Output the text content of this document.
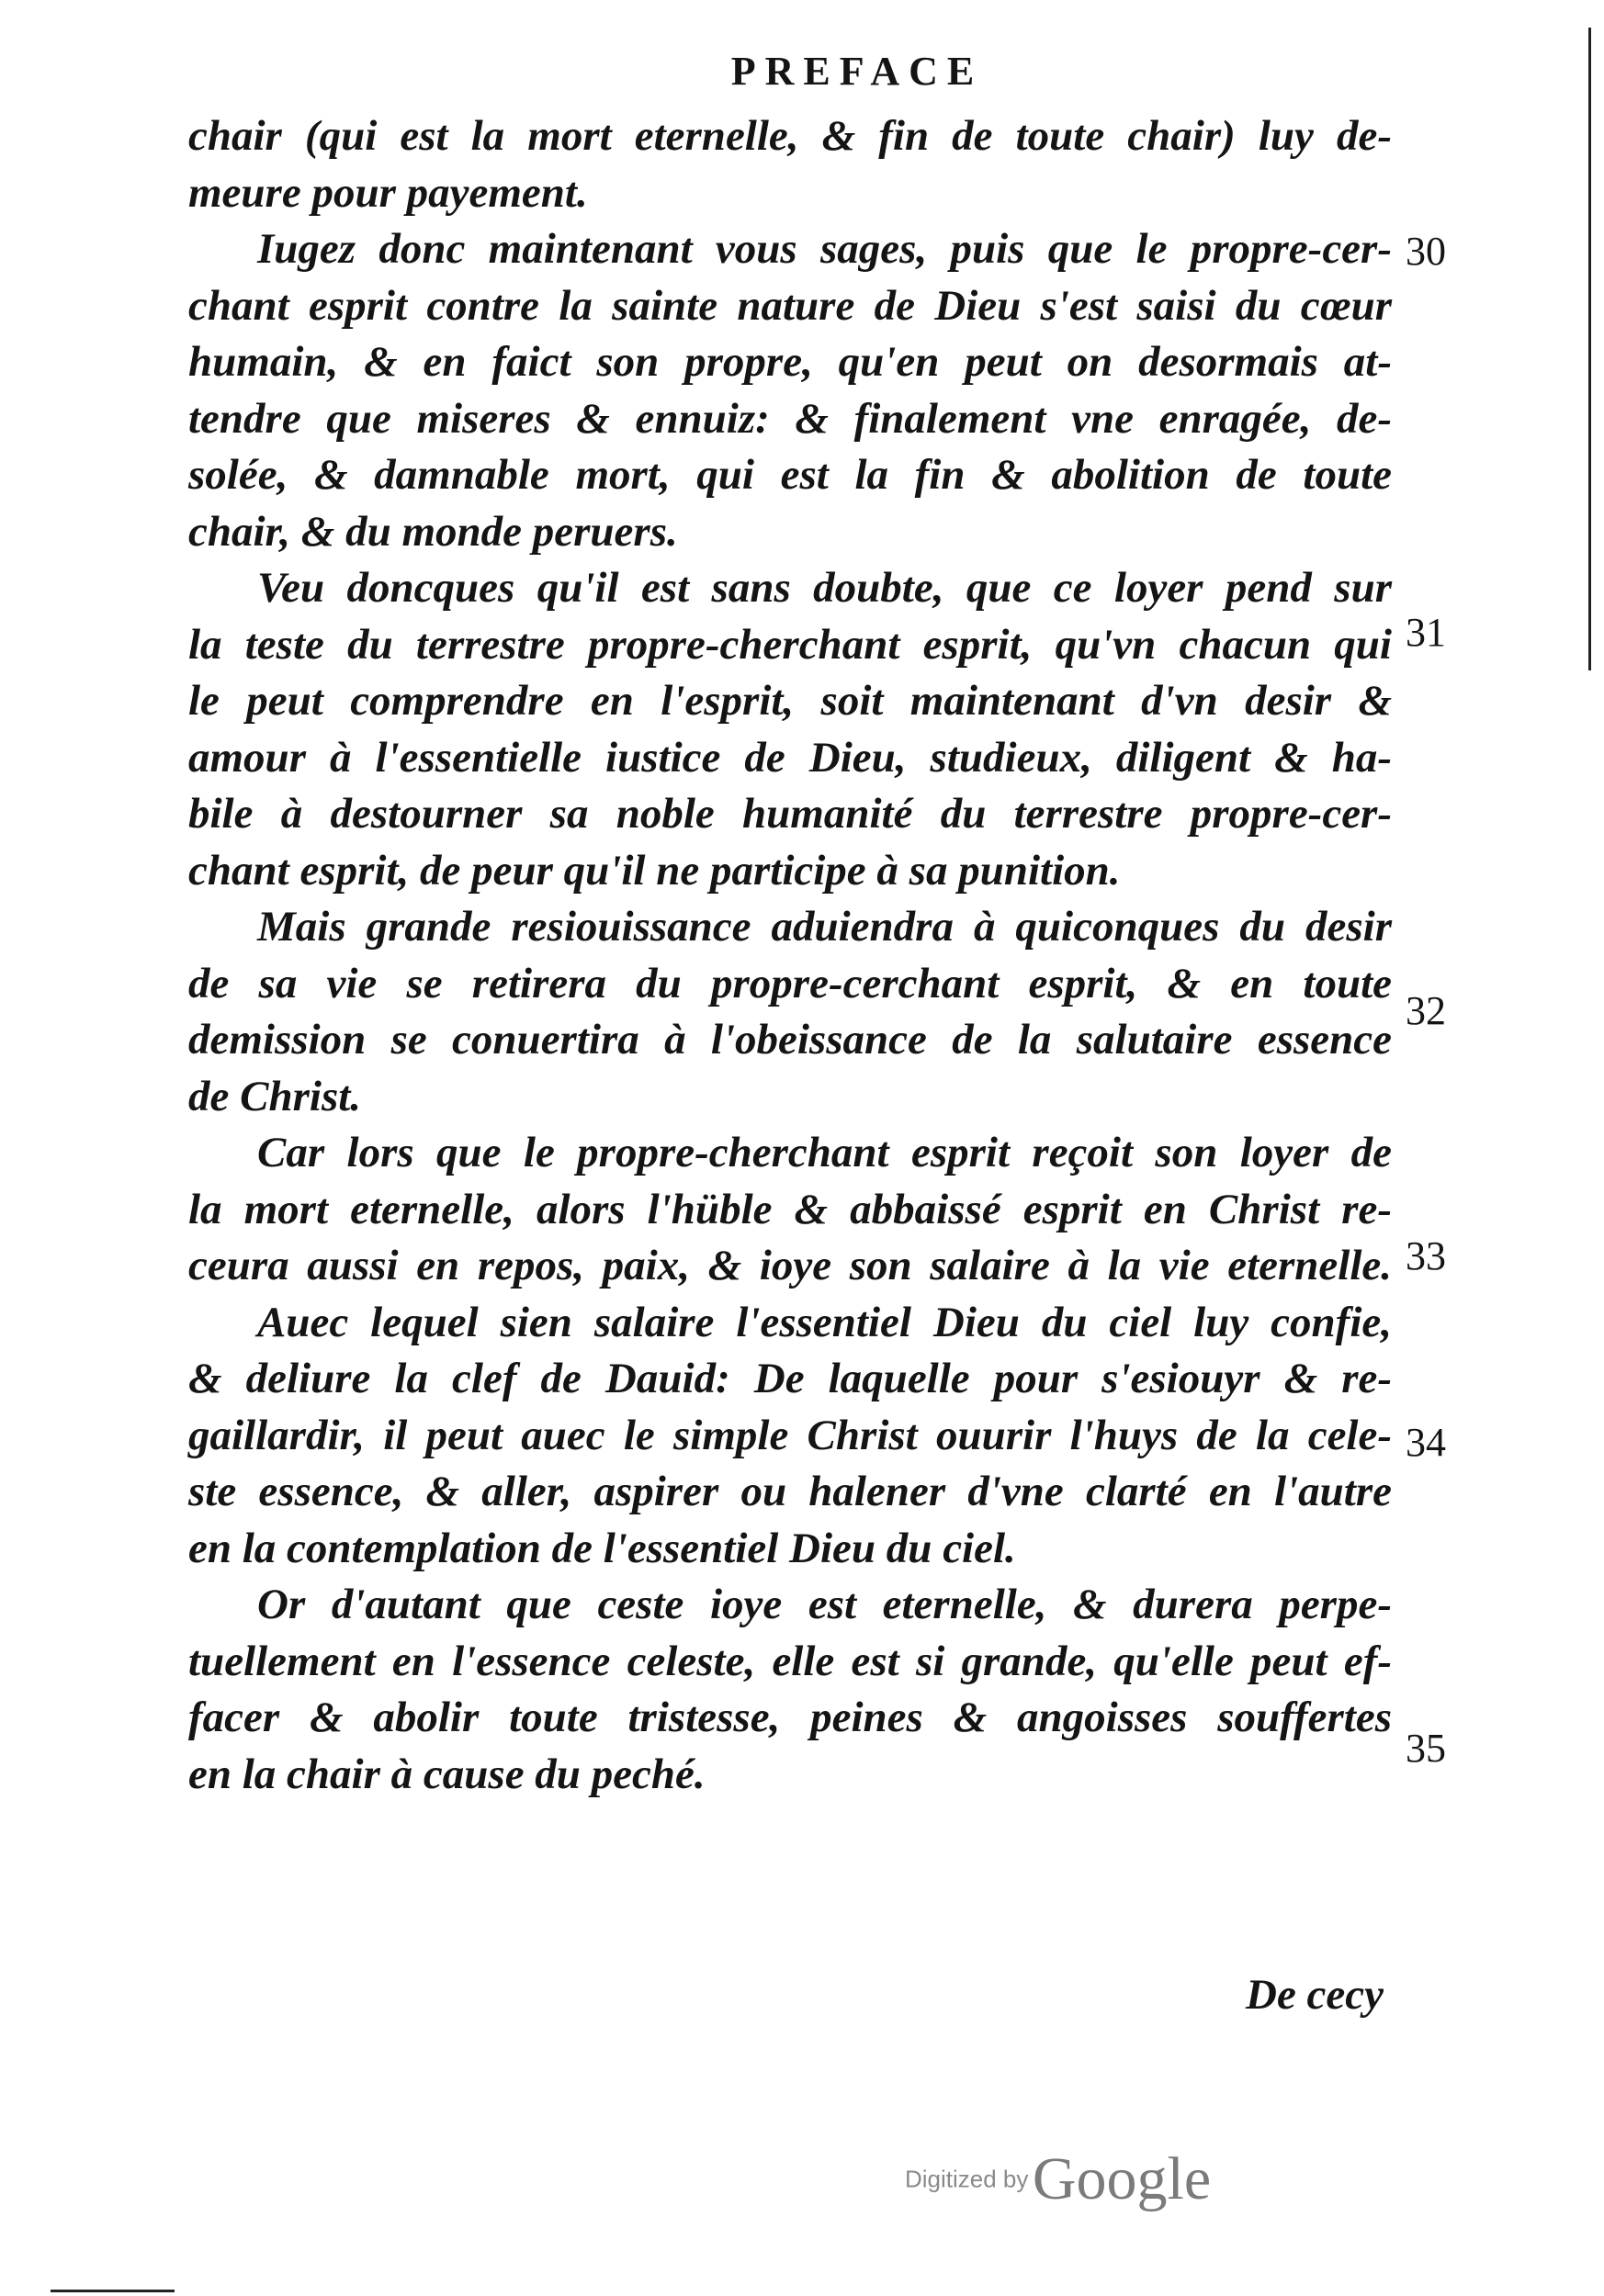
PREFACE
chair (qui est la mort eternelle, & fin de toute chair) luy de-
meure pour payement.
Iugez donc maintenant vous sages, puis que le propre-cer-
chant esprit contre la sainte nature de Dieu s'est saisi du cœur
humain, & en faict son propre, qu'en peut on desormais at-
tendre que miseres & ennuiz: & finalement vne enragée, de-
solée, & damnable mort, qui est la fin & abolition de toute
chair, & du monde peruers.
Veu doncques qu'il est sans doubte, que ce loyer pend sur
la teste du terrestre propre-cherchant esprit, qu'vn chacun qui
le peut comprendre en l'esprit, soit maintenant d'vn desir &
amour à l'essentielle iustice de Dieu, studieux, diligent & ha-
bile à destourner sa noble humanité du terrestre propre-cer-
chant esprit, de peur qu'il ne participe à sa punition.
Mais grande resiouissance aduiendra à quiconques du desir
de sa vie se retirera du propre-cerchant esprit, & en toute
demission se conuertira à l'obeissance de la salutaire essence
de Christ.
Car lors que le propre-cherchant esprit reçoit son loyer de
la mort eternelle, alors l'hüble & abbaissé esprit en Christ re-
ceura aussi en repos, paix, & ioye son salaire à la vie eternelle.
Auec lequel sien salaire l'essentiel Dieu du ciel luy confie,
& deliure la clef de Dauid: De laquelle pour s'esiouyr & re-
gaillardir, il peut auec le simple Christ ouurir l'huys de la cele-
ste essence, & aller, aspirer ou halener d'vne clarté en l'autre
en la contemplation de l'essentiel Dieu du ciel.
Or d'autant que ceste ioye est eternelle, & durera perpe-
tuellement en l'essence celeste, elle est si grande, qu'elle peut ef-
facer & abolir toute tristesse, peines & angoisses souffertes
en la chair à cause du peché.
30
31
32
33
34
35
De cecy
Digitized by Google
